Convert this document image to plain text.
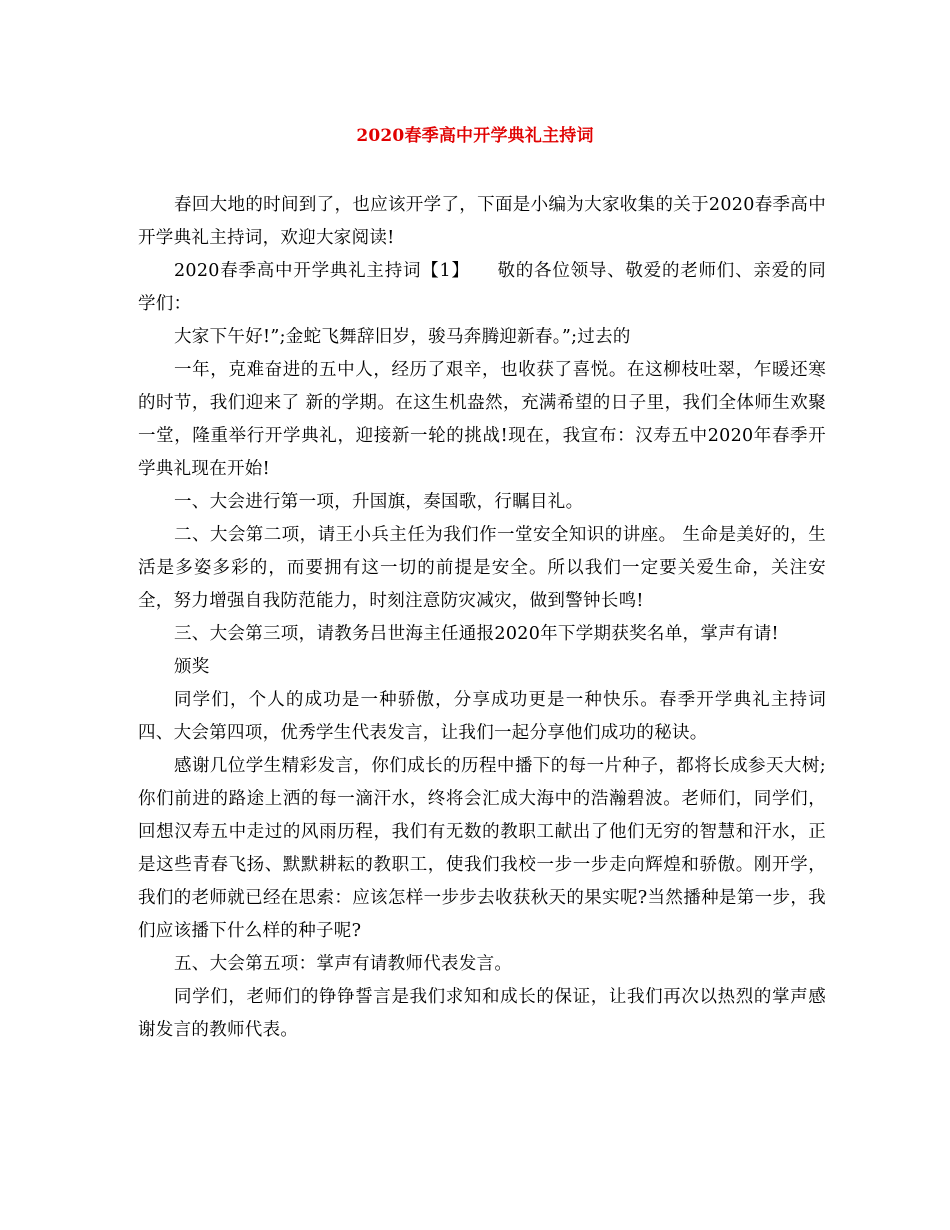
2020春季高中开学典礼主持词

春回大地的时间到了，也应该开学了，下面是小编为大家收集的关于2020春季高中开学典礼主持词，欢迎大家阅读!

2020春季高中开学典礼主持词【1】　　敬的各位领导、敬爱的老师们、亲爱的同学们：

大家下午好!”;金蛇飞舞辞旧岁，骏马奔腾迎新春。”;过去的

一年，克难奋进的五中人，经历了艰辛，也收获了喜悦。在这柳枝吐翠，乍暖还寒的时节，我们迎来了 新的学期。在这生机盎然，充满希望的日子里，我们全体师生欢聚一堂，隆重举行开学典礼，迎接新一轮的挑战!现在，我宣布：汉寿五中2020年春季开学典礼现在开始!

一、大会进行第一项，升国旗，奏国歌，行瞩目礼。

二、大会第二项，请王小兵主任为我们作一堂安全知识的讲座。 生命是美好的，生活是多姿多彩的，而要拥有这一切的前提是安全。所以我们一定要关爱生命，关注安全，努力增强自我防范能力，时刻注意防灾减灾，做到警钟长鸣!

三、大会第三项，请教务吕世海主任通报2020年下学期获奖名单，掌声有请!

颁奖

同学们，个人的成功是一种骄傲，分享成功更是一种快乐。春季开学典礼主持词四、大会第四项，优秀学生代表发言，让我们一起分享他们成功的秘诀。

感谢几位学生精彩发言，你们成长的历程中播下的每一片种子，都将长成参天大树;你们前进的路途上洒的每一滴汗水，终将会汇成大海中的浩瀚碧波。老师们，同学们，回想汉寿五中走过的风雨历程，我们有无数的教职工献出了他们无穷的智慧和汗水，正是这些青春飞扬、默默耕耘的教职工，使我们我校一步一步走向辉煌和骄傲。刚开学，我们的老师就已经在思索：应该怎样一步步去收获秋天的果实呢?当然播种是第一步，我们应该播下什么样的种子呢?

五、大会第五项：掌声有请教师代表发言。

同学们，老师们的铮铮誓言是我们求知和成长的保证，让我们再次以热烈的掌声感谢发言的教师代表。
